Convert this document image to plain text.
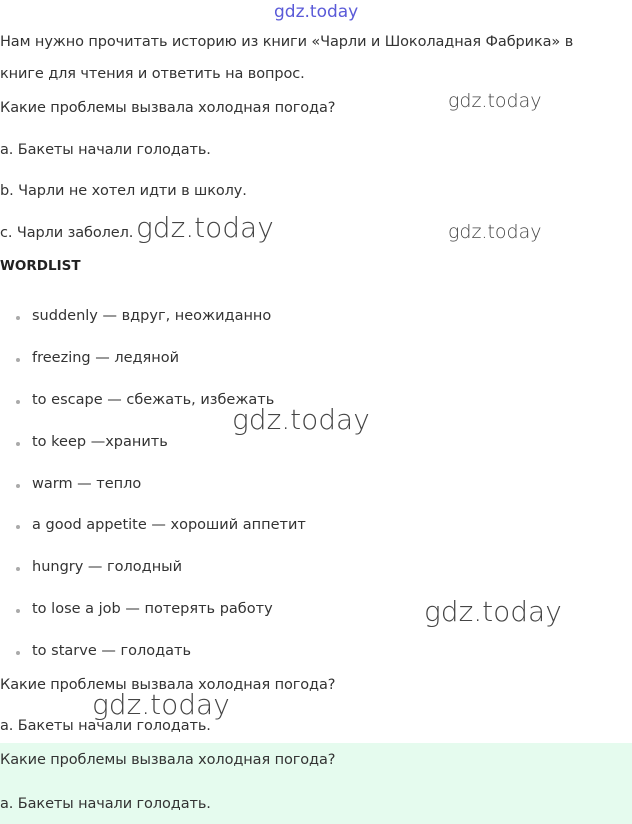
gdz.today
Нам нужно прочитать историю из книги «Чарли и Шоколадная Фабрика» в
книге для чтения и ответить на вопрос.
Какие проблемы вызвала холодная погода?	gdz.today
a. Бакеты начали голодать.
b. Чарли не хотел идти в школу.
c. Чарли заболел. gdz.today	gdz.today
WORDLIST
suddenly — вдруг, неожиданно
freezing — ледяной
to escape — сбежать, избежать
to keep —хранить
warm — тепло
a good appetite — хороший аппетит
hungry — голодный
to lose a job — потерять работу
to starve — голодать
gdz.today
gdz.today
Какие проблемы вызвала холодная погода?
a. Бакеты начали голодать.
gdz.today
Какие проблемы вызвала холодная погода?
a. Бакеты начали голодать.
